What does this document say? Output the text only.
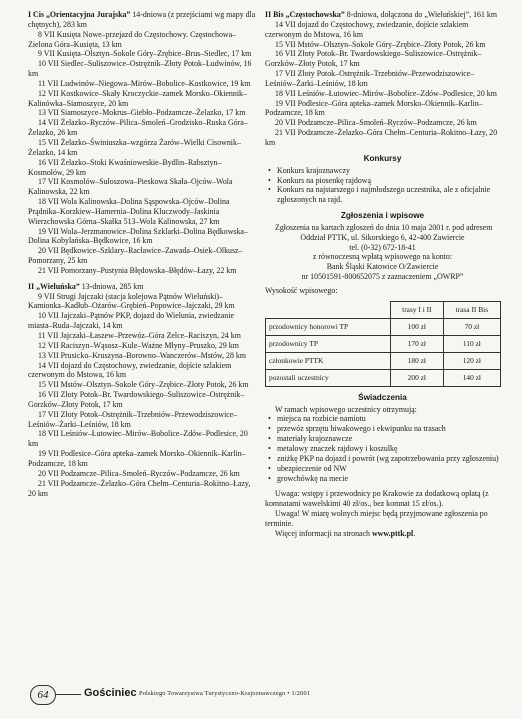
I Cis „Orientacyjna Jurajska” 14-dniowa (z przejściami wg mapy dla chętnych), 283 km

8 VII Kusięta Nowe–przejazd do Częstochowy. Częstochowa–Zielona Góra–Kusięta, 13 km

9 VII Kusięta–Olsztyn–Sokole Góry–Zrębice–Brus–Siedlec, 17 km

10 VII Siedlec–Suliszowice–Ostrężnik–Złoty Potok–Ludwinów, 16 km

11 VII Ludwinów–Niegowa–Mirów–Bobolice–Kostkowice, 19 km

12 VII Kostkowice–Skały Kroczyckie–zamek Morsko–Okiennik–Kalinówka–Siamoszyce, 20 km

13 VII Siamoszyce–Mokrus–Giebło–Podzamcze–Żelazko, 17 km

14 VII Żelazko–Ryczów–Pilica–Smoleń–Grodzisko–Ruska Góra–Żelazko, 26 km

15 VII Żelazko–Świniuszka–wzgórza Żarów–Wielki Cisownik–Żelazko, 14 km

16 VII Żelazko–Stoki Kwaśnioweskie–Bydlin–Rabsztyn–Kosmolów, 29 km

17 VII Kosmolów–Sułoszowa–Pieskowa Skała–Ojców–Wola Kalinowska, 22 km

18 VII Wola Kalinowska–Dolina Sąspowska–Ojców–Dolina Prądnika–Korzkiew–Hamernia–Dolina Kluczwody–Jaskinia Wierzchowska Górna–Skałka 513–Wola Kalinowska, 27 km

19 VII Wola–Jerzmanowice–Dolina Szklarki–Dolina Będkowska–Dolina Kobylańska–Będkowice, 16 km

20 VII Będkowice–Szklary–Racławice–Zawada–Osiek–Olkusz–Pomorzany, 25 km

21 VII Pomorzany–Pustynia Błędowska–Błędów–Łazy, 22 km

II „Wieluńska” 13-dniowa, 285 km

9 VII Strugi Jajczaki (stacja kolejowa Pątnów Wieluński)–Kamionka–Kadłub–Ożarów–Grębień–Popowice–Jajczaki, 29 km

10 VII Jajczaki–Pątnów PKP, dojazd do Wielunia, zwiedzanie miasta–Ruda–Jajczaki, 14 km

11 VII Jajczaki–Łaszew–Przewóz–Góra Zelce–Raciszyn, 24 km

12 VII Raciszyn–Wąsosz–Kule–Ważne Młyny–Pruszko, 29 km

13 VII Prusicko–Kruszyna–Borowno–Wanczerów–Mstów, 28 km

14 VII dojazd do Częstochowy, zwiedzanie, dojście szlakiem czerwonym do Mstowa, 16 km

15 VII Mstów–Olsztyn–Sokole Góry–Zrębice–Złoty Potok, 26 km

16 VII Złoty Potok–Br. Twardowskiego–Suliszowice–Ostrężnik–Gorzków–Złoty Potok, 17 km

17 VII Złoty Potok–Ostrężnik–Trzebniów–Przewodziszowice–Leśniów–Żarki–Leśniów, 18 km

18 VII Leśniów–Łutowiec–Mirów–Bobolice–Zdów–Podlesice, 20 km

19 VII Podlesice–Góra apteka–zamek Morsko–Okiennik–Karlin–Podzamcze, 18 km

20 VII Podzamcze–Pilica–Smoleń–Ryczów–Podzamcze, 26 km

21 VII Podzamcze–Żelazko–Góra Chełm–Centuria–Rokitno–Łazy, 20 km

II Bis „Częstochowska” 8-dniowa, dołączona do „Wieluńskiej”, 161 km

14 VII dojazd do Częstochowy, zwiedzanie, dojście szlakiem czerwonym do Mstowa, 16 km

15 VII Mstów–Olsztyn–Sokole Góry–Zrębice–Złoty Potok, 26 km

16 VII Złoty Potok–Br. Twardowskiego–Suliszowice–Ostrężnik–Gorzków–Złoty Potok, 17 km

17 VII Złoty Potok–Ostrężnik–Trzebniów–Przewodziszowice–Leśniów–Żarki–Leśniów, 18 km

18 VII Leśniów–Łutowiec–Mirów–Bobolice–Zdów–Podlesice, 20 km

19 VII Podlesice–Góra apteka–zamek Morsko–Okiennik–Karlin–Podzamcze, 18 km

20 VII Podzamcze–Pilica–Smoleń–Ryczów–Podzamcze, 26 km

21 VII Podzamcze–Żelazko–Góra Chełm–Centuria–Rokitno–Łazy, 20 km

Konkursy
• Konkurs krajoznawczy
• Konkurs na piosenkę rajdową
• Konkurs na najstarszego i najmłodszego uczestnika, ale z oficjalnie zgłoszonych na rajd.
Zgłoszenia i wpisowe

Zgłoszenia na kartach zgłoszeń do dnia 10 maja 2001 r. pod adresem

Oddział PTTK, ul. Sikorskiego 6, 42-400 Zawiercie

tel. (0-32) 672-18-41

z równoczesną wpłatą wpisowego na konto:

Bank Śląski Katowice O/Zawiercie

nr 10501591-800652075 z zaznaczeniem „OWRP”

Wysokość wpisowego:

	trasy I i II	trasa II Bis
przodownicy honorowi TP	100 zł	70 zł
przodownicy TP	170 zł	110 zł
członkowie PTTK	180 zł	120 zł
pozostali uczestnicy	200 zł	140 zł
Świadczenia

W ramach wpisowego uczestnicy otrzymują:

• miejsca na rozbicie namiotu
• przewóz sprzętu biwakowego i ekwipunku na trasach
• materiały krajoznawcze
• metalowy znaczek rajdowy i koszulkę
• zniżkę PKP na dojazd i powrót (wg zapotrzebowania przy zgłoszeniu)
• ubezpieczenie od NW
• growchówkę na mecie

Uwaga: wstępy i przewodnicy po Krakowie za dodatkową opłatą (z komnatami wawelskimi 40 zł/os., bez komnat 15 zł/os.).

Uwaga! W miarę wolnych miejsc będą przyjmowane zgłoszenia po terminie.

Więcej informacji na stronach www.pttk.pl.

64	Gościniec Polskiego Towarzystwa Turystyczno-Krajoznawczego • 1/2001
